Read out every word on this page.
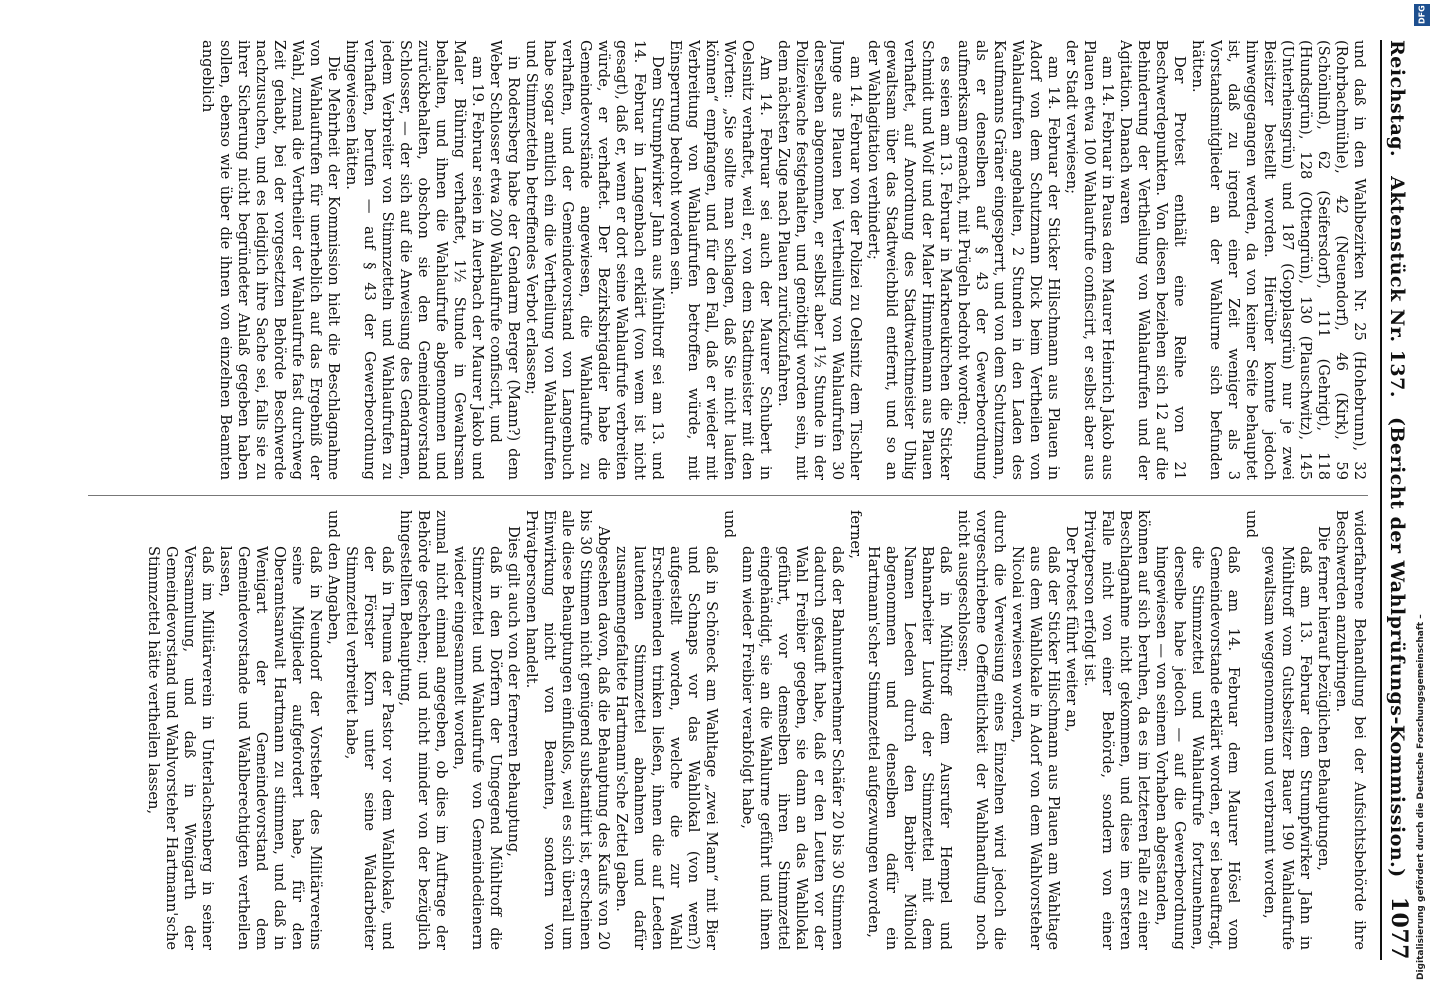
Reichstag.
Aktenstück Nr. 137.
(Bericht der Wahlprüfungs-Kommission.)
1077

und daß in den Wahlbezirken Nr. 25 (Hohebrunn), 32 (Rohrbachmühle), 42 (Neuendorf), 46 (Kirk), 59 (Schönlind), 62 (Seifersdorf), 111 (Gehrigt), 118 (Hundsgrün), 128 (Ottengrün), 130 (Plauschwitz), 145 (Unterheinsgrün) und 187 (Gopplasgrün) nur je zwei Beisitzer bestellt worden. Hierüber konnte jedoch hinweggegangen werden, da von keiner Seite behauptet ist, daß zu irgend einer Zeit weniger als 3 Vorstandsmitglieder an der Wahlurne sich befunden hätten.

Der Protest enthält eine Reihe von 21 Beschwerdepunkten. Von diesen beziehen sich 12 auf die Behinderung der Vertheilung von Wahlaufrufen und der Agitation. Danach waren

am 14. Februar in Pausa dem Maurer Heinrich Jakob aus Plauen etwa 100 Wahlaufrufe confiscirt, er selbst aber aus der Stadt verwiesen;

am 14. Februar der Sticker Hilschmann aus Plauen in Adorf von dem Schutzmann Dick beim Vertheilen von Wahlaufrufen angehalten, 2 Stunden in den Laden des Kaufmanns Gräner eingesperrt, und von dem Schutzmann, als er denselben auf § 43 der Gewerbeordnung aufmerksam gemacht, mit Prügeln bedroht worden;

es seien am 13. Februar in Markneukirchen die Sticker Schmidt und Wolf und der Maler Himmelmann aus Plauen verhaftet, auf Anordnung des Stadtwachtmeister Uhlig gewaltsam über das Stadtweichbild entfernt, und so an der Wahlagitation verhindert;

am 14. Februar von der Polizei zu Oelsnitz dem Tischler Junge aus Plauen bei Vertheilung von Wahlaufrufen 30 derselben abgenommen, er selbst aber 1½ Stunde in der Polizeiwache festgehalten, und genöthigt worden sein, mit dem nächsten Zuge nach Plauen zurückzufahren.

Am 14. Februar sei auch der Maurer Schubert in Oelsnitz verhaftet, weil er, von dem Stadtmeister mit den Worten: „Sie sollte man schlagen, daß Sie nicht laufen können“ empfangen, und für den Fall, daß er wieder mit Verbreitung von Wahlaufrufen betroffen würde, mit Einsperrung bedroht worden sein.

Dem Strumpfwirker Jahn aus Mühltroff sei am 13. und 14. Februar in Langenbach erklärt (von wem ist nicht gesagt), daß er, wenn er dort seine Wahlaufrufe verbreiten würde, er verhaftet. Der Bezirksbrigadier habe die Gemeindevorstände angewiesen, die Wahlaufrufe zu verhaften, und der Gemeindevorstand von Langenbuch habe sogar amtlich ein die Vertheilung von Wahlaufrufen und Stimmzetteln betreffendes Verbot erlassen;

in Rodersberg habe der Gendarm Berger (Mann?) dem Weber Schlosser etwa 200 Wahlaufrufe confiscirt, und

am 19. Februar seien in Auerbach der Maurer Jakob und Maler Bühring verhaftet, 1½ Stunde in Gewahrsam behalten, und ihnen die Wahlaufrufe abgenommen und zurückbehalten, obschon sie den Gemeindevorstand Schlosser, — der sich auf die Anweisung des Gendarmen, jedem Verbreiter von Stimmzetteln und Wahlaufrufen zu verhaften, berufen — auf § 43 der Gewerbeordnung hingewiesen hätten.

Die Mehrheit der Kommission hielt die Beschlagnahme von Wahlaufrufen für unerheblich auf das Ergebniß der Wahl, zumal die Vertheiler der Wahlaufrufe fast durchweg Zeit gehabt, bei der vorgesetzten Behörde Beschwerde nachzusuchen, und es lediglich ihre Sache sei, falls sie zu ihrer Sicherung nicht begründeter Anlaß gegeben haben sollen, ebenso wie über die ihnen von einzelnen Beamten angeblich

widerfahrene Behandlung bei der Aufsichtsbehörde ihre Beschwerden anzubringen.

Die ferner hierauf bezüglichen Behauptungen,

daß am 13. Februar dem Strumpfwirker Jahn in Mühltroff vom Gutsbesitzer Bauer 190 Wahlaufrufe gewaltsam weggenommen und verbrannt worden,

und

daß am 14. Februar dem Maurer Hösel vom Gemeindevorstande erklärt worden, er sei beauftragt, die Stimmzettel und Wahlaufrufe fortzunehmen, derselbe habe jedoch — auf die Gewerbeordnung hingewiesen — von seinem Vorhaben abgestanden,

können auf sich beruhen, da es im letzteren Falle zu einer Beschlagnahme nicht gekommen, und diese im ersteren Falle nicht von einer Behörde, sondern von einer Privatperson erfolgt ist.

Der Protest führt weiter an,

daß der Sticker Hilschmann aus Plauen am Wahltage aus dem Wahllokale in Adorf von dem Wahlvorsteher Nicolai verwiesen worden,

durch die Verweisung eines Einzelnen wird jedoch die vorgeschriebene Oeffentlichkeit der Wahlhandlung noch nicht ausgeschlossen;

daß in Mühltroff dem Ausrufer Hempel und Bahnarbeiter Ludwig der Stimmzettel mit dem Namen Leeden durch den Barbier Mühold abgenommen und denselben dafür ein Hartmann'scher Stimmzettel aufgezwungen worden,

ferner,

daß der Bahnunternehmer Schäfer 20 bis 30 Stimmen dadurch gekauft habe, daß er den Leuten vor der Wahl Freibier gegeben, sie dann an das Wahllokal geführt, vor demselben ihren Stimmzettel eingehändigt, sie an die Wahlurne geführt und ihnen dann wieder Freibier verabfolgt habe,

und

daß in Schöneck am Wahltage „zwei Mann“ mit Bier und Schnaps vor das Wahllokal (von wem?) aufgestellt worden, welche die zur Wahl Erscheinenden trinken ließen, ihnen die auf Leeden lautenden Stimmzettel abnahmen und dafür zusammengefaltete Hartmann'sche Zettel gaben.

Abgesehen davon, daß die Behauptung des Kaufs von 20 bis 30 Stimmen nicht genügend substantiirt ist, erscheinen alle diese Behauptungen einflußlos, weil es sich überall um Einwirkung nicht von Beamten, sondern von Privatpersonen handelt.

Dies gilt auch von der ferneren Behauptung,

daß in den Dörfern der Umgegend Mühltroff die Stimmzettel und Wahlaufrufe von Gemeindedienern wieder eingesammelt worden,

zumal nicht einmal angegeben, ob dies im Auftrage der Behörde geschehen; und nicht minder von der bezüglich hingestellten Behauptung,

daß in Theuma der Pastor vor dem Wahllokale, und der Förster Korn unter seine Waldarbeiter Stimmzettel verbreitet habe,

und den Angaben,

daß in Neundorf der Vorsteher des Militärvereins seine Mitglieder aufgefordert habe, für den Oberamtsanwalt Hartmann zu stimmen, und daß in Wenigart der Gemeindevorstand dem Gemeindevorstande und Wahlberechtigten vertheilen lassen,

daß im Militärverein in Unterlachsenberg in seiner Versammlung, und daß in Wenigarth der Gemeindevorstand und Wahlvorsteher Hartmann'sche Stimmzettel hätte vertheilen lassen,	Digitalisierung gefördert durch die Deutsche Forschungsgemeinschaft –
DFG
